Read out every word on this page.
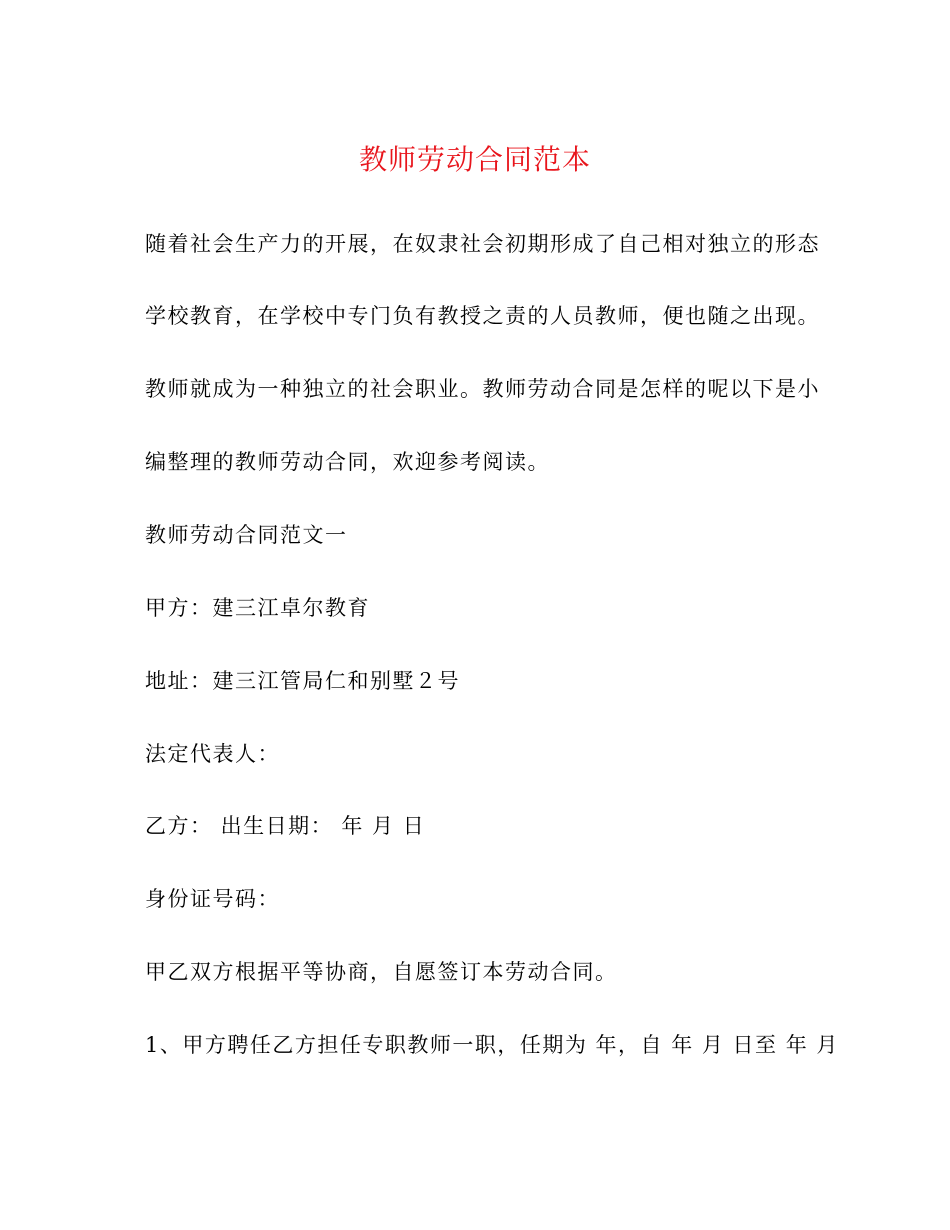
教师劳动合同范本
随着社会生产力的开展，在奴隶社会初期形成了自己相对独立的形态
学校教育，在学校中专门负有教授之责的人员教师，便也随之出现。
教师就成为一种独立的社会职业。教师劳动合同是怎样的呢以下是小
编整理的教师劳动合同，欢迎参考阅读。
教师劳动合同范文一
甲方：建三江卓尔教育
地址：建三江管局仁和别墅２号
法定代表人：
乙方： 出生日期： 年 月 日
身份证号码：
甲乙双方根据平等协商，自愿签订本劳动合同。
1、甲方聘任乙方担任专职教师一职，任期为 年，自 年 月 日至 年 月
